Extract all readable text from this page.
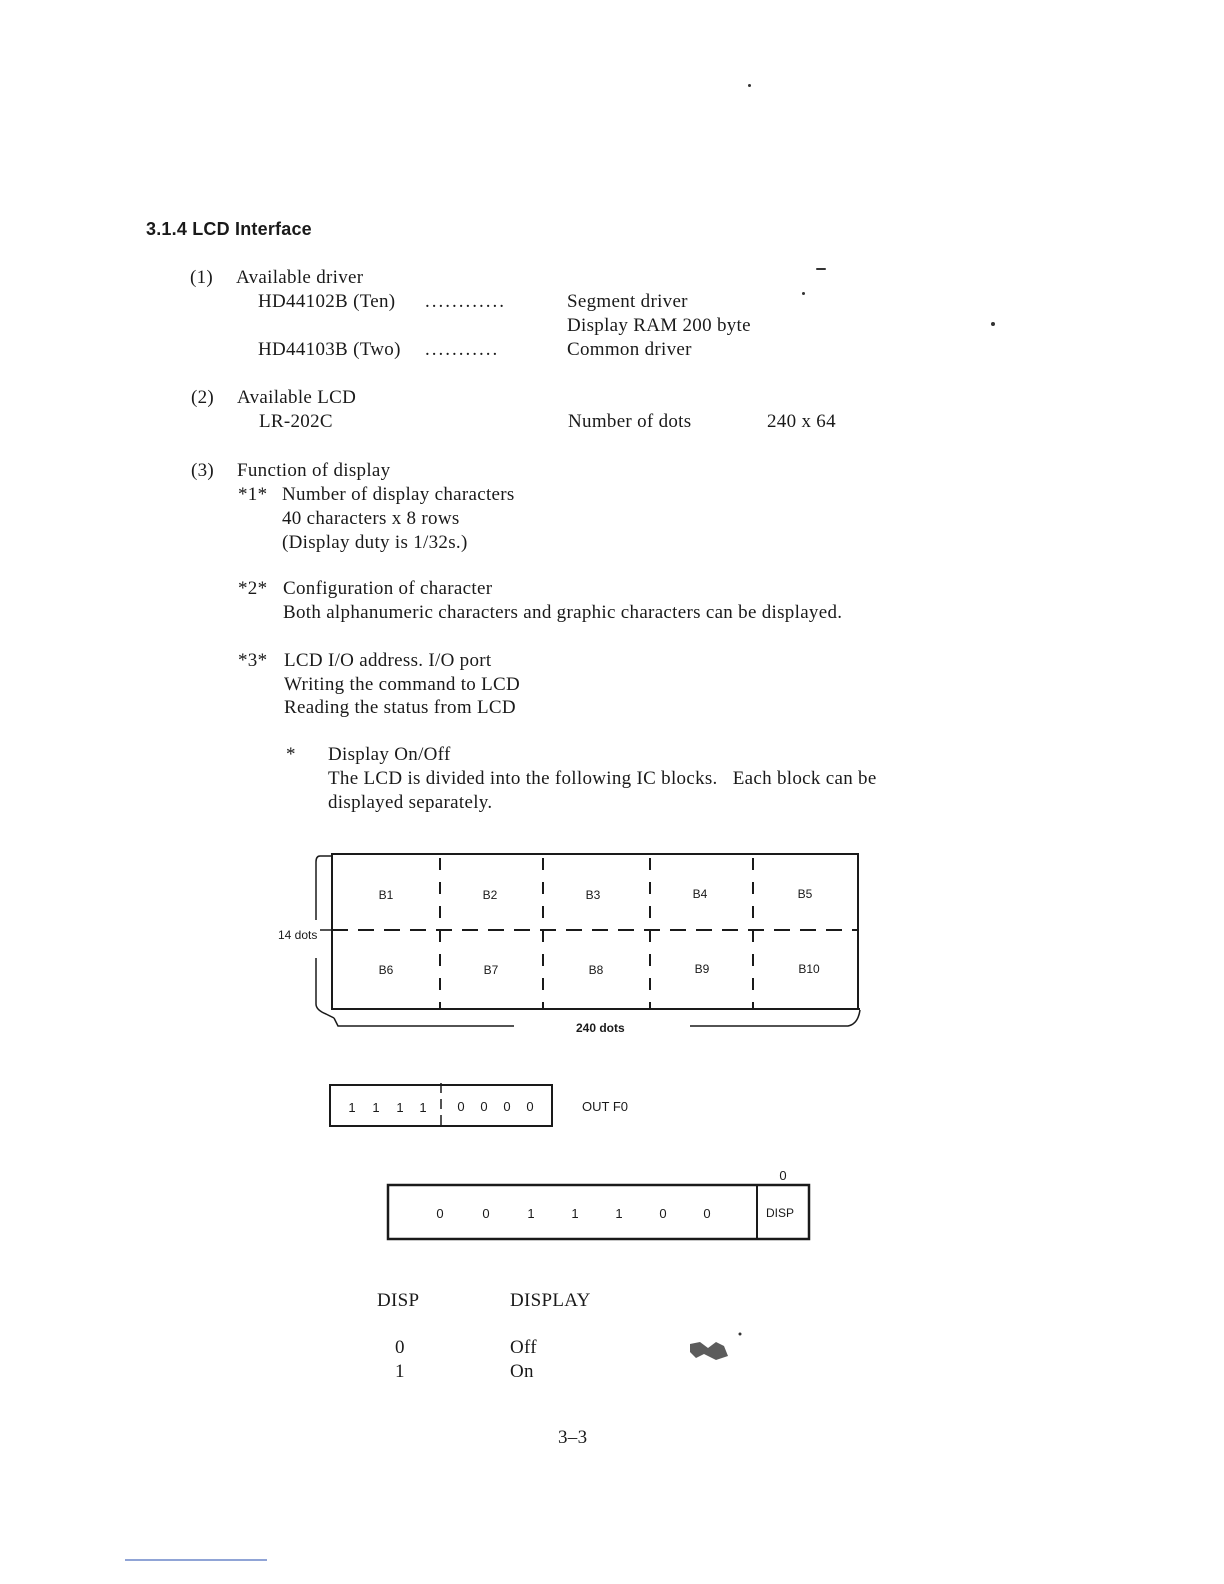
3.1.4 LCD Interface
(1) Available driver
HD44102B (Ten) ............	Segment driver
Display RAM 200 byte
HD44103B (Two) ...........	Common driver
(2) Available LCD
LR-202C	Number of dots	240 x 64
(3) Function of display
*1* Number of display characters
40 characters x 8 rows
(Display duty is 1/32s.)
*2* Configuration of character
Both alphanumeric characters and graphic characters can be displayed.
*3* LCD I/O address. I/O port
Writing the command to LCD
Reading the status from LCD
* Display On/Off
The LCD is divided into the following IC blocks.   Each block can be
displayed separately.
B1	B2	B3	B4	B5
B6	B7	B8	B9	B10
14 dots
240 dots
1	1	1	1	0	0	0	0	OUT F0
0
0	0	1	1	1	0	0	DISP
DISP	DISPLAY
0	Off
1	On
3–3
